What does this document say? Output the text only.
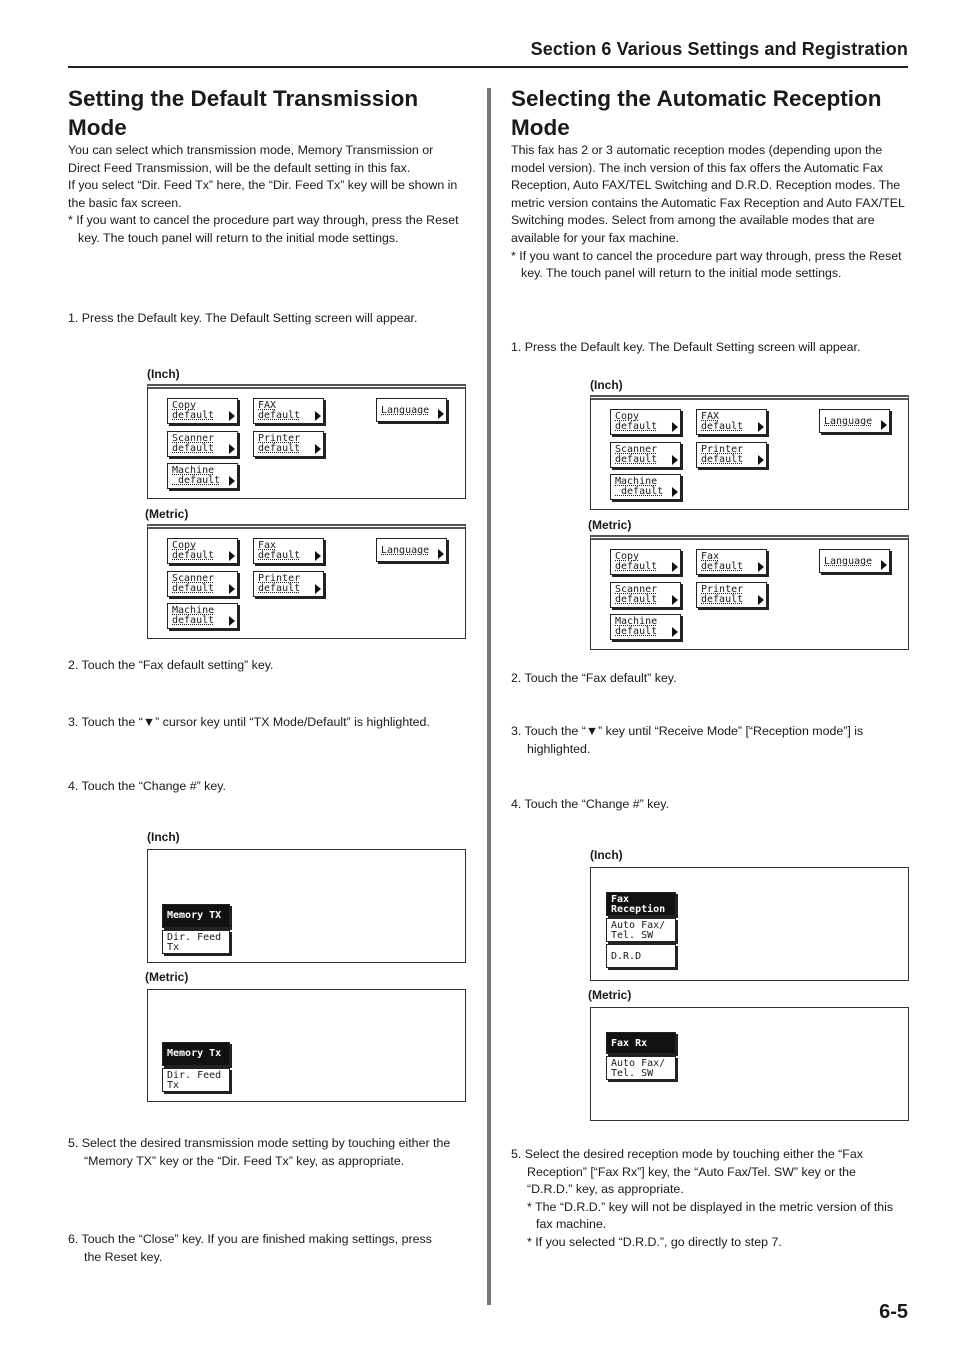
Section 6 Various Settings and Registration
Setting the Default Transmission Mode

You can select which transmission mode, Memory Transmission or Direct Feed Transmission, will be the default setting in this fax.

If you select “Dir. Feed Tx” here, the “Dir. Feed Tx” key will be shown in the basic fax screen.

* If you want to cancel the procedure part way through, press the Reset key. The touch panel will return to the initial mode settings.

1. Press the Default key. The Default Setting screen will appear.
(Inch)
Copy
default
FAX
default	Language
Scanner
default
Printer
default
Machine
default
(Metric)
Copy
default
Fax
default	Language
Scanner
default
Printer
default
Machine
default
2. Touch the “Fax default setting” key.
3. Touch the “▼” cursor key until “TX Mode/Default” is highlighted.
4. Touch the “Change #” key.
(Inch)
Memory TX
Dir. Feed
Tx
(Metric)
Memory Tx
Dir. Feed
Tx
5. Select the desired transmission mode setting by touching either the
“Memory TX” key or the “Dir. Feed Tx” key, as appropriate.
6. Touch the “Close” key. If you are finished making settings, press
the Reset key.
Selecting the Automatic Reception Mode

This fax has 2 or 3 automatic reception modes (depending upon the model version). The inch version of this fax offers the Automatic Fax Reception, Auto FAX/TEL Switching and D.R.D. Reception modes. The metric version contains the Automatic Fax Reception and Auto FAX/TEL Switching modes. Select from among the available modes that are available for your fax machine.

* If you want to cancel the procedure part way through, press the Reset key. The touch panel will return to the initial mode settings.

1. Press the Default key. The Default Setting screen will appear.
(Inch)
Copy
default
FAX
default	Language
Scanner
default
Printer
default
Machine
default
(Metric)
Copy
default
Fax
default	Language
Scanner
default
Printer
default
Machine
default
2. Touch the “Fax default” key.
3. Touch the “▼” key until “Receive Mode” [“Reception mode”] is
highlighted.
4. Touch the “Change #” key.
(Inch)
Fax
Reception
Auto Fax/
Tel. SW
D.R.D
(Metric)
Fax Rx
Auto Fax/
Tel. SW
5. Select the desired reception mode by touching either the “Fax
Reception” [“Fax Rx”] key, the “Auto Fax/Tel. SW” key or the
“D.R.D.” key, as appropriate.
* The “D.R.D.” key will not be displayed in the metric version of this
fax machine.
* If you selected “D.R.D.”, go directly to step 7.
6-5
